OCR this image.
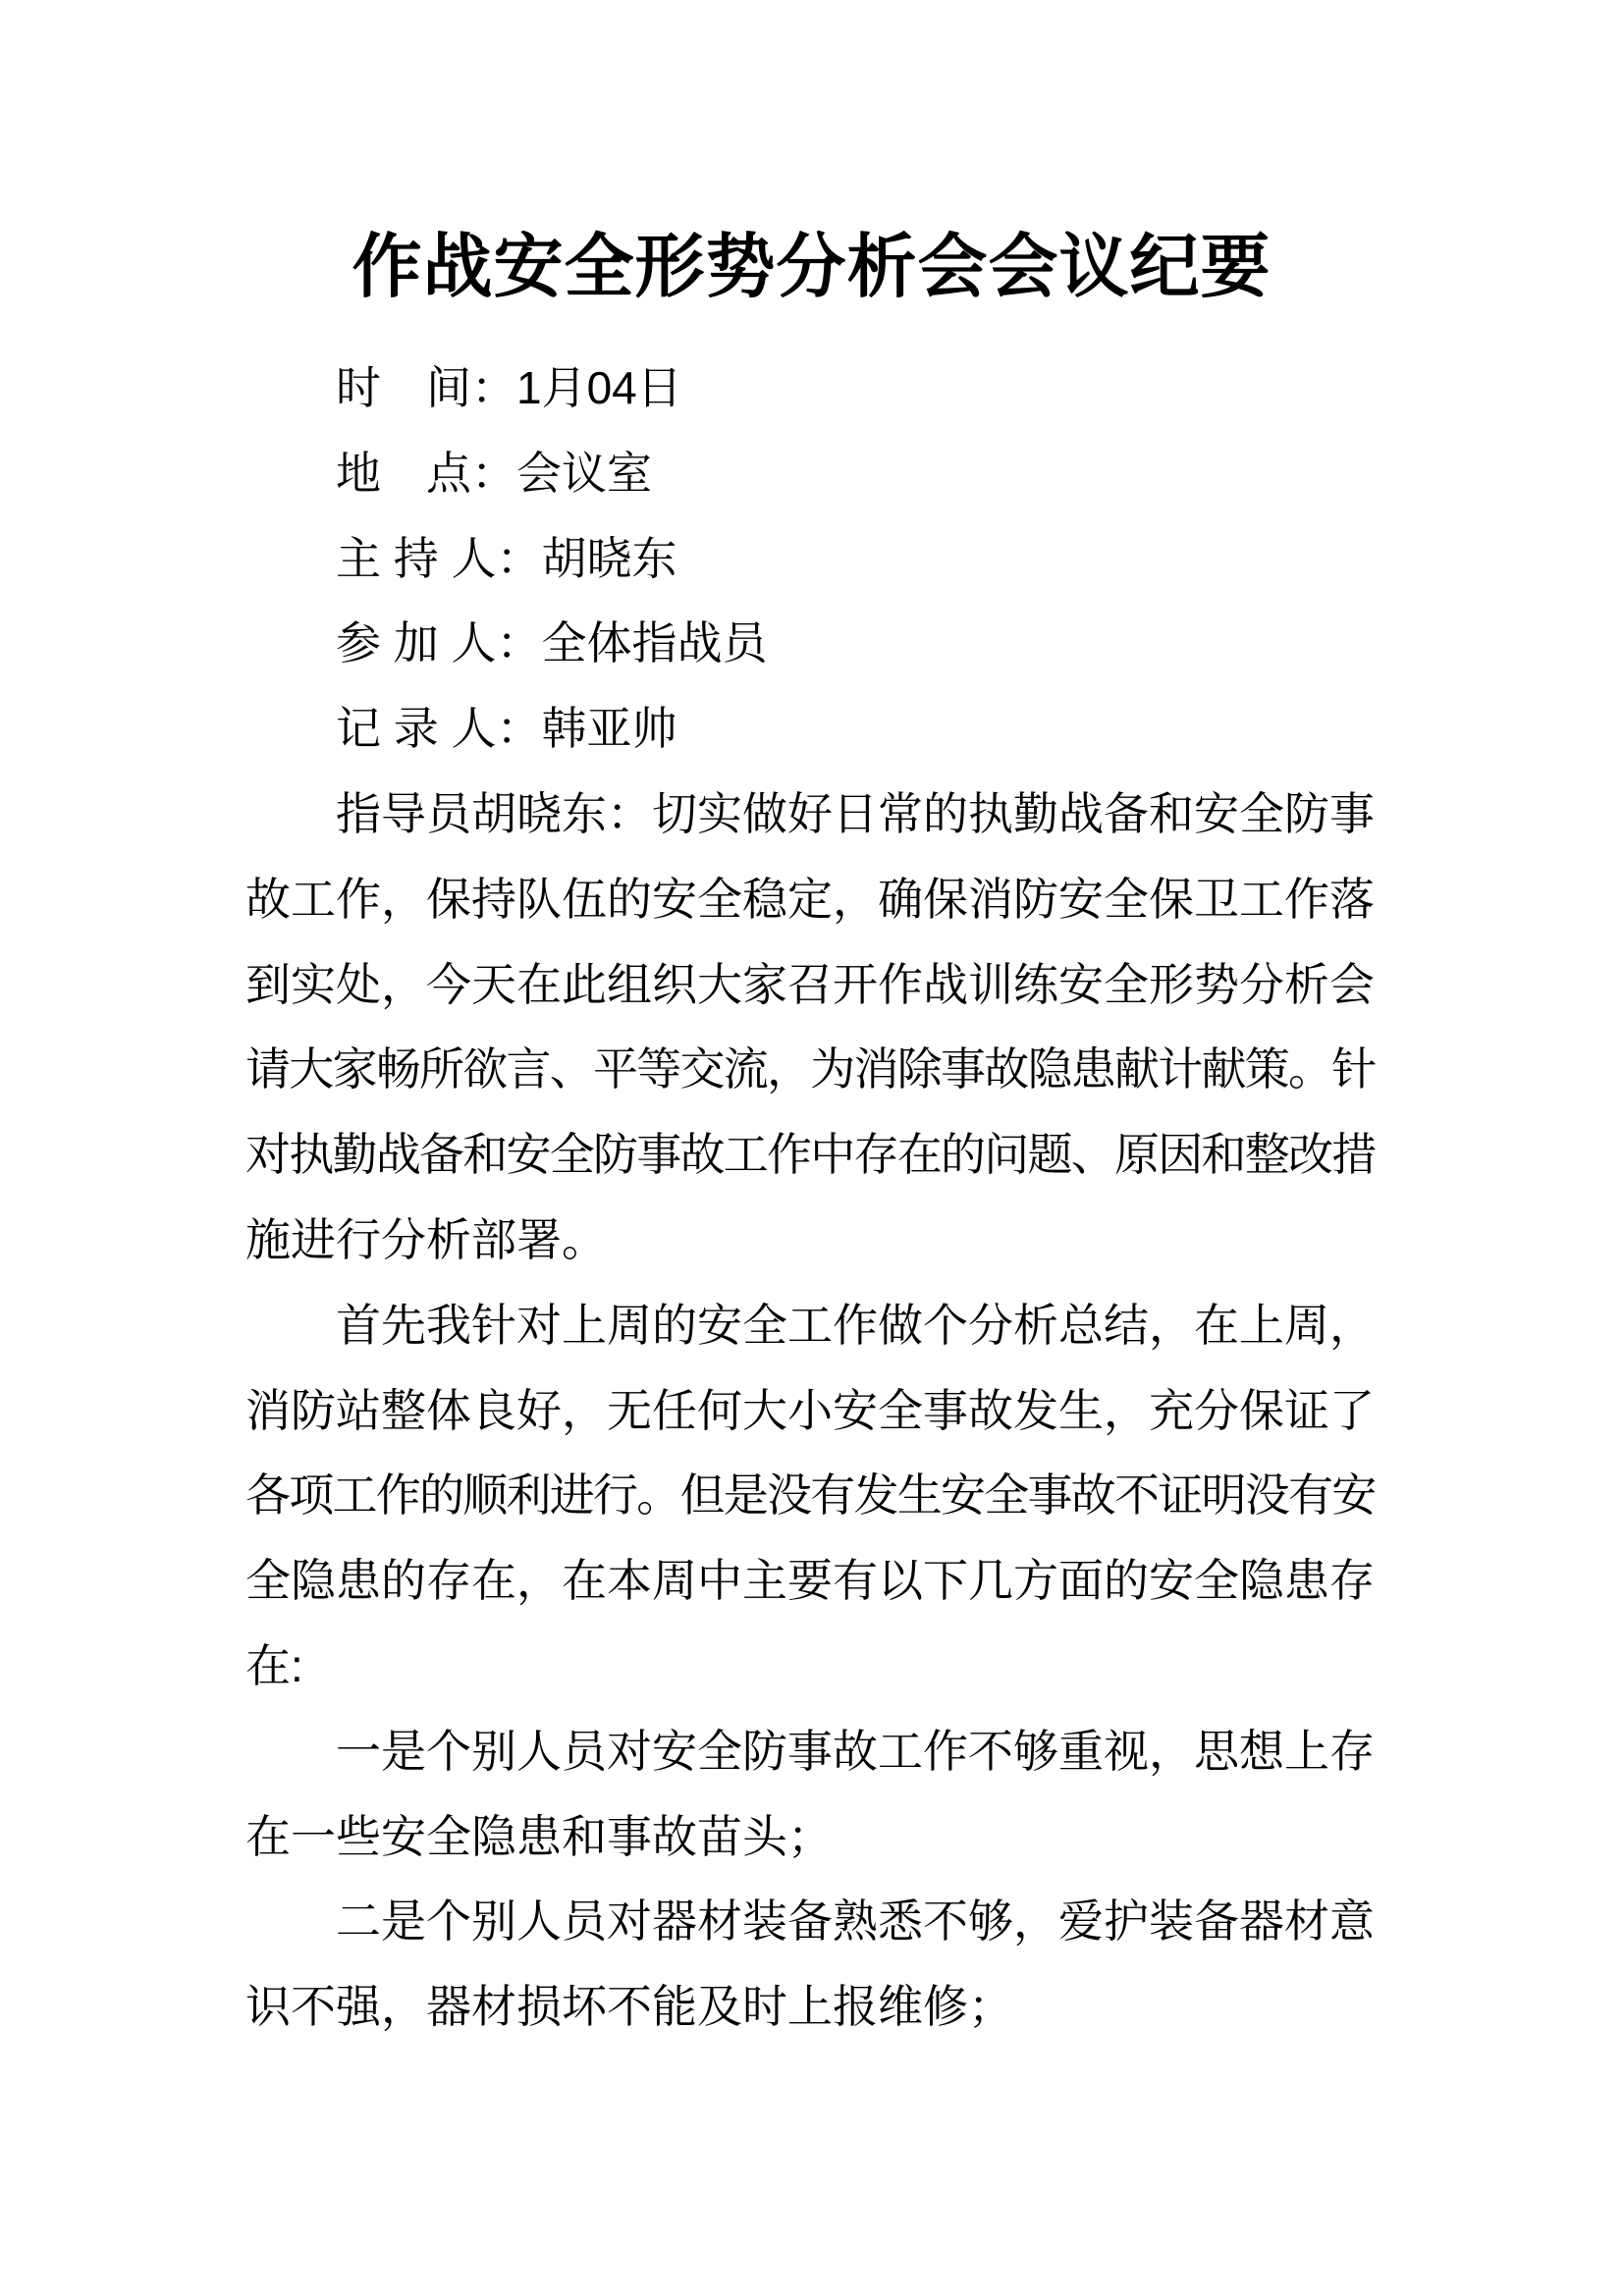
作战安全形势分析会会议纪要
时　间：1月04日
地　点：会议室
主 持 人：胡晓东
参 加 人：全体指战员
记 录 人：韩亚帅
指导员胡晓东：切实做好日常的执勤战备和安全防事
故工作，保持队伍的安全稳定，确保消防安全保卫工作落
到实处，今天在此组织大家召开作战训练安全形势分析会
请大家畅所欲言、平等交流，为消除事故隐患献计献策。针
对执勤战备和安全防事故工作中存在的问题、原因和整改措
施进行分析部署。
首先我针对上周的安全工作做个分析总结，在上周，
消防站整体良好，无任何大小安全事故发生，充分保证了
各项工作的顺利进行。但是没有发生安全事故不证明没有安
全隐患的存在，在本周中主要有以下几方面的安全隐患存
在:
一是个别人员对安全防事故工作不够重视，思想上存
在一些安全隐患和事故苗头；
二是个别人员对器材装备熟悉不够，爱护装备器材意
识不强，器材损坏不能及时上报维修；
